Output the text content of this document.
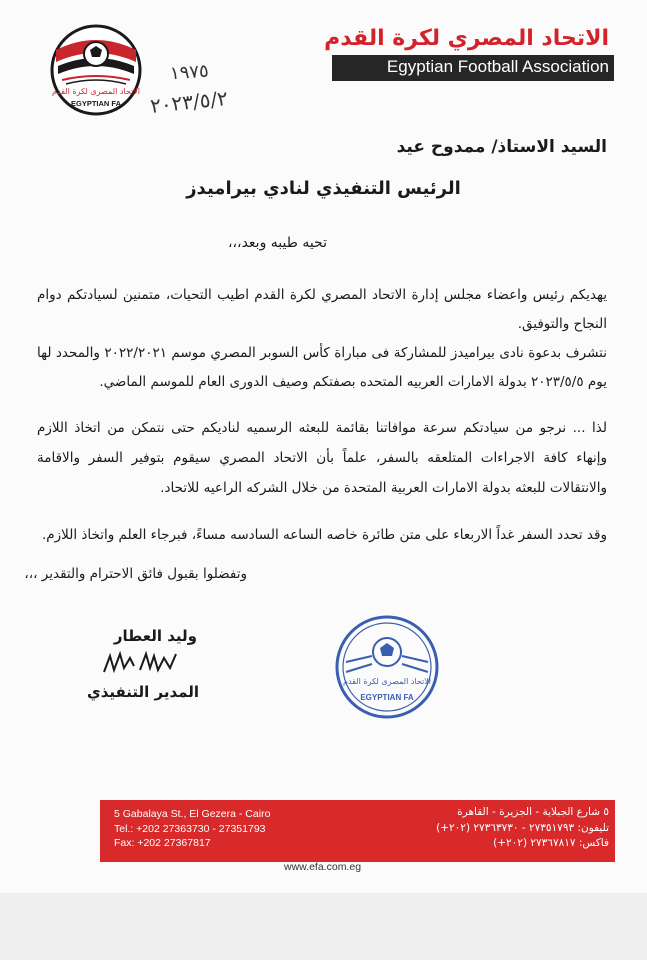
الاتحاد المصرى لكرة القدم
EGYPTIAN FA
الاتحاد المصري لكرة القدم
Egyptian Football Association
١٩٧٥
٢٠٢٣/٥/٢
السيد الاستاذ/ ممدوح عيد
الرئيس التنفيذي لنادي بيراميدز
تحيه طيبه وبعد،،،
يهديكم رئيس واعضاء مجلس إدارة الاتحاد المصري لكرة القدم اطيب التحيات، متمنين لسيادتكم دوام النجاح والتوفيق.
نتشرف بدعوة نادى بيراميدز للمشاركة فى مباراة كأس السوبر المصري موسم ٢٠٢٢/٢٠٢١ والمحدد لها يوم ٢٠٢٣/٥/٥ بدولة الامارات العربيه المتحده بصفتكم وصيف الدورى العام للموسم الماضي.
لذا ... نرجو من سيادتكم سرعة موافاتنا بقائمة للبعثه الرسميه لناديكم حتى نتمكن من اتخاذ اللازم وإنهاء كافة الاجراءات المتلعقه بالسفر، علماً بأن الاتحاد المصري سيقوم بتوفير السفر والاقامة والانتقالات للبعثه بدولة الامارات العربية المتحدة من خلال الشركه الراعيه للاتحاد.
وقد تحدد السفر غداً الاربعاء على متن طائرة خاصه الساعه السادسه مساءً، فبرجاء العلم واتخاذ اللازم.
وتفضلوا بقبول فائق الاحترام والتقدير ،،،
وليد العطار
المدير التنفيذي
الاتحاد المصرى لكرة القدم
EGYPTIAN FA
5 Gabalaya St., El Gezera - Cairo
Tel.: +202 27363730 - 27351793
Fax: +202 27367817
٥ شارع الجبلاية - الجزيرة - القاهرة
تليفون: ٢٧٣٥١٧٩٣ - ٢٧٣٦٣٧٣٠ (٢٠٢+)
فاكس: ٢٧٣٦٧٨١٧ (٢٠٢+)
www.efa.com.eg
